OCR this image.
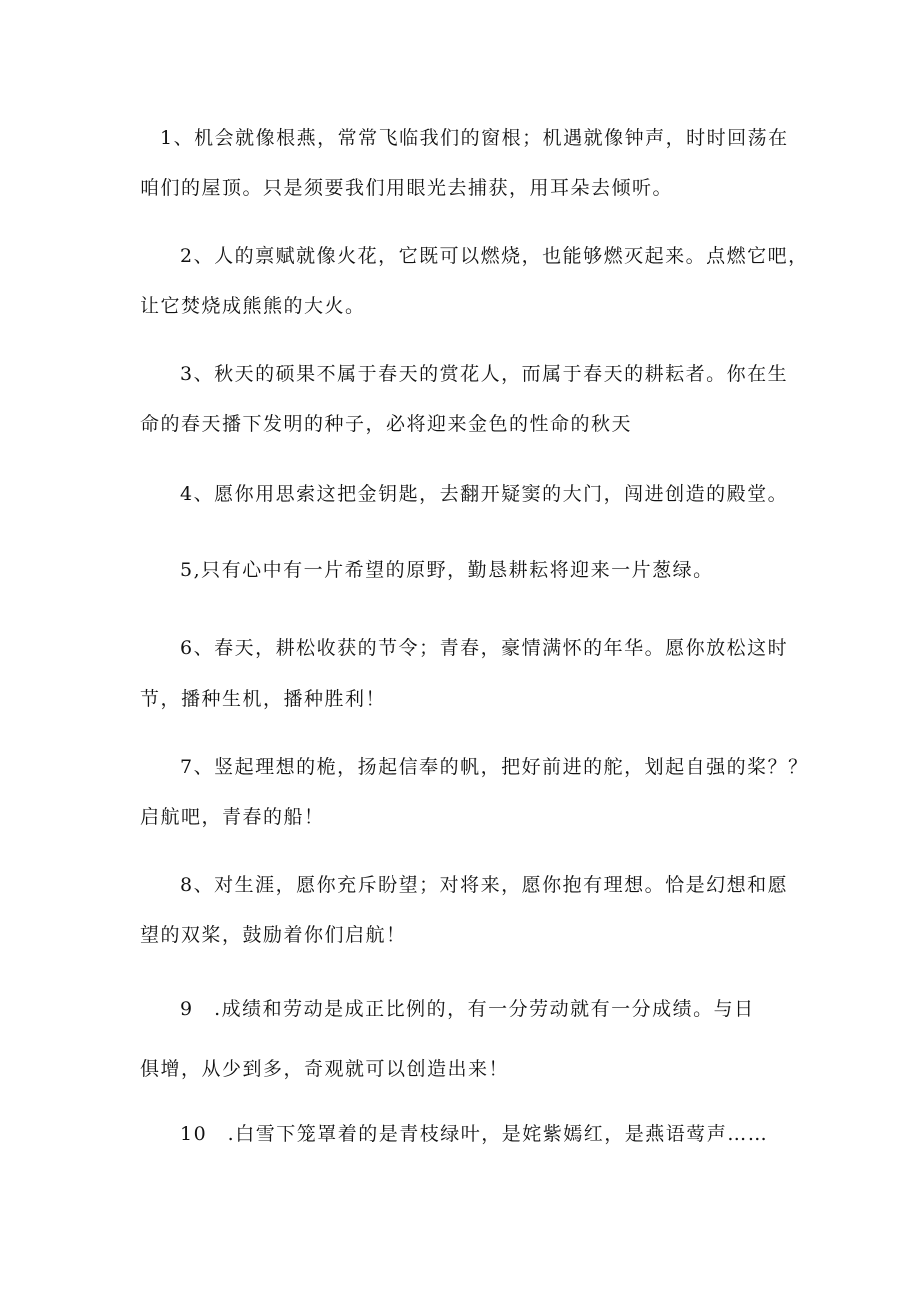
1、机会就像根燕，常常飞临我们的窗根；机遇就像钟声，时时回荡在
咱们的屋顶。只是须要我们用眼光去捕获，用耳朵去倾听。
2、人的禀赋就像火花，它既可以燃烧，也能够燃灭起来。点燃它吧，
让它焚烧成熊熊的大火。
3、秋天的硕果不属于春天的赏花人，而属于春天的耕耘者。你在生
命的春天播下发明的种子，必将迎来金色的性命的秋天
4、愿你用思索这把金钥匙，去翻开疑窦的大门，闯进创造的殿堂。
5,只有心中有一片希望的原野，勤恳耕耘将迎来一片葱绿。
6、春天，耕松收获的节令；青春，豪情满怀的年华。愿你放松这时
节，播种生机，播种胜利！
7、竖起理想的桅，扬起信奉的帆，把好前进的舵，划起自强的桨？？
启航吧，青春的船！
8、对生涯，愿你充斥盼望；对将来，愿你抱有理想。恰是幻想和愿
望的双桨，鼓励着你们启航！
9　.成绩和劳动是成正比例的，有一分劳动就有一分成绩。与日
俱增，从少到多，奇观就可以创造出来！
10　.白雪下笼罩着的是青枝绿叶，是姹紫嫣红，是燕语莺声……
